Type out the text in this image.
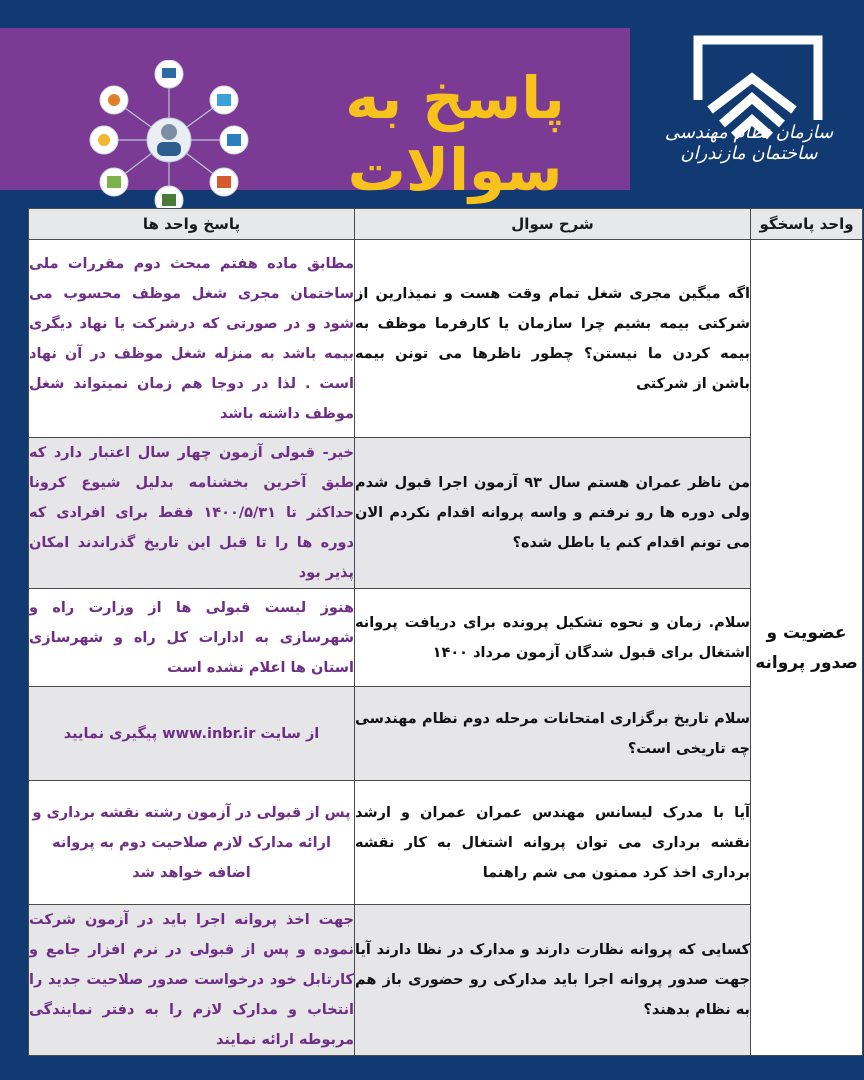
پاسخ به
سوالات
سازمان نظام مهندسی ساختمان مازندران
واحد پاسخگو	شرح سوال	پاسخ واحد ها
عضویت و صدور پروانه	اگه میگین مجری شغل تمام وقت هست و نمیذارین از شرکتی بیمه بشیم چرا سازمان یا کارفرما موظف به بیمه کردن ما نیستن؟ چطور ناظرها می تونن بیمه باشن از شرکتی	مطابق ماده هفتم مبحث دوم مقررات ملی ساختمان مجری شغل موظف محسوب می شود و در صورتی که درشرکت یا نهاد دیگری بیمه باشد به منزله شغل موظف در آن نهاد است . لذا در دوجا هم زمان نمیتواند شغل موظف داشته باشد
	من ناظر عمران هستم سال ۹۳ آزمون اجرا قبول شدم ولی دوره ها رو نرفتم و واسه پروانه اقدام نکردم الان می تونم اقدام کنم یا باطل شده؟	خیر- قبولی آزمون چهار سال اعتبار دارد که طبق آخرین بخشنامه بدلیل شیوع کرونا حداکثر تا ۱۴۰۰/۵/۳۱ فقط برای افرادی که دوره ها را تا قبل این تاریخ گذراندند امکان پذیر بود
	سلام. زمان و نحوه تشکیل پرونده برای دریافت پروانه اشتغال برای قبول شدگان آزمون مرداد ۱۴۰۰	هنوز لیست قبولی ها از وزارت راه و شهرسازی به ادارات کل راه و شهرسازی استان ها اعلام نشده است
	سلام تاریخ برگزاری امتحانات مرحله دوم نظام مهندسی چه تاریخی است؟	از سایت www.inbr.ir پیگیری نمایید
	آیا با مدرک لیسانس مهندس عمران عمران و ارشد نقشه برداری می توان پروانه اشتغال به کار نقشه برداری اخذ کرد ممنون می شم راهنما	پس از قبولی در آزمون رشته نقشه برداری و ارائه مدارک لازم صلاحیت دوم به پروانه اضافه خواهد شد
	کسایی که پروانه نظارت دارند و مدارک در نظا دارند آیا جهت صدور پروانه اجرا باید مدارکی رو حضوری باز هم به نظام بدهند؟	جهت اخذ پروانه اجرا باید در آزمون شرکت نموده و پس از قبولی در نرم افزار جامع و کارتابل خود درخواست صدور صلاحیت جدید را انتخاب و مدارک لازم را به دفتر نمایندگی مربوطه ارائه نمایند
